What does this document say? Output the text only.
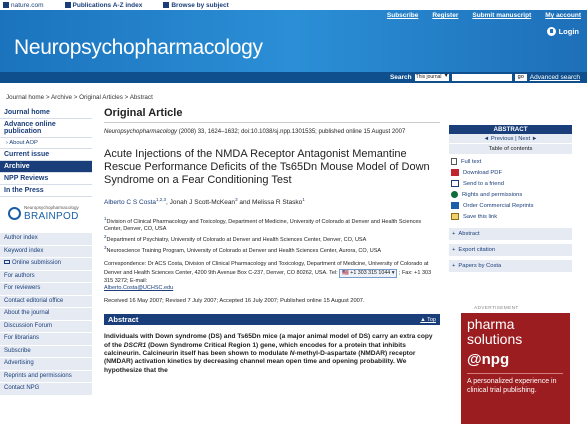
nature.com	Publications A-Z index	Browse by subject
Subscribe Register Submit manuscript My account
Login
Neuropsychopharmacology
Search This journal ▾	go Advanced search
Journal home > Archive > Original Articles > Abstract
Journal home
Advance online publication
› About AOP
Current issue
Archive
NPP Reviews
In the Press
Neuropsychopharmacology
BRAINPOD
Author index
Keyword index
Online submission
For authors
For reviewers
Contact editorial office
About the journal
Discussion Forum
For librarians
Subscribe
Advertising
Reprints and permissions
Contact NPG
Original Article
Neuropsychopharmacology (2008) 33, 1624–1632; doi:10.1038/sj.npp.1301535; published online 15 August 2007
Acute Injections of the NMDA Receptor Antagonist Memantine Rescue Performance Deficits of the Ts65Dn Mouse Model of Down Syndrome on a Fear Conditioning Test
Alberto C S Costa$^{1,2,3}$, Jonah J Scott-McKean$^3$ and Melissa R Stasko$^1$
$^1$Division of Clinical Pharmacology and Toxicology, Department of Medicine, University of Colorado at Denver and Health Sciences Center, Denver, CO, USA
$^2$Department of Psychiatry, University of Colorado at Denver and Health Sciences Center, Denver, CO, USA
$^3$Neuroscience Training Program, University of Colorado at Denver and Health Sciences Center, Aurora, CO, USA
Correspondence: Dr ACS Costa, Division of Clinical Pharmacology and Toxicology, Department of Medicine, University of Colorado at Denver and Health Sciences Center, 4200 9th Avenue Box C-237, Denver, CO 80262, USA. Tel: 🇺🇸 +1 303 315 1044 ▾ ; Fax: +1 303 315 3272; E-mail:
Alberto.Costa@UCHSC.edu
Received 16 May 2007; Revised 7 July 2007; Accepted 16 July 2007; Published online 15 August 2007.
Abstract	▲ Top
Individuals with Down syndrome (DS) and Ts65Dn mice (a major animal model of DS) carry an extra copy of the DSCR1 (Down Syndrome Critical Region 1) gene, which encodes for a protein that inhibits calcineurin. Calcineurin itself has been shown to modulate N-methyl-D-aspartate (NMDAR) receptor (NMDAR) activation kinetics by decreasing channel mean open time and opening probability. We hypothesize that the
ABSTRACT
◄ Previous | Next ►
Table of contents
Full text
Download PDF
Send to a friend
Rights and permissions
Order Commercial Reprints
Save this link
+ Abstract
+ Export citation
+ Papers by Costa
ADVERTISEMENT
pharma
solutions
@npg
A personalized experience in clinical trial publishing.
